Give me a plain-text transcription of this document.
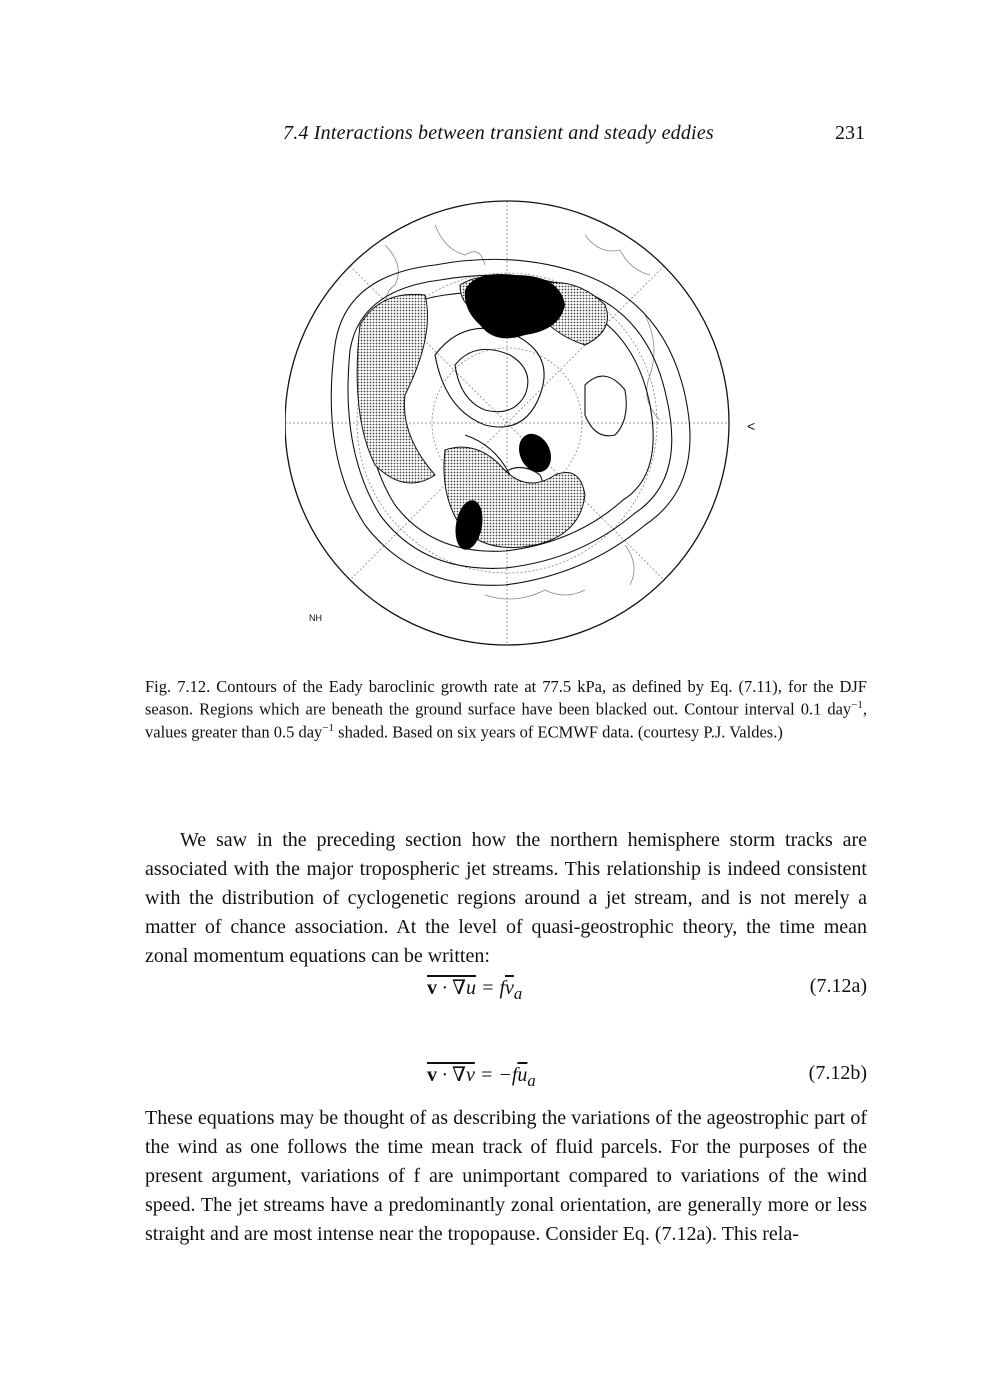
7.4 Interactions between transient and steady eddies	231
<
NH

Fig. 7.12. Contours of the Eady baroclinic growth rate at 77.5 kPa, as defined by Eq. (7.11), for the DJF season. Regions which are beneath the ground surface have been blacked out. Contour interval 0.1 day$^{-1}$, values greater than 0.5 day$^{-1}$ shaded. Based on six years of ECMWF data. (courtesy P.J. Valdes.)

We saw in the preceding section how the northern hemisphere storm tracks are associated with the major tropospheric jet streams. This relationship is indeed consistent with the distribution of cyclogenetic regions around a jet stream, and is not merely a matter of chance association. At the level of quasi-geostrophic theory, the time mean zonal momentum equations can be written:

$v \cdot \nabla u = f\overline{v}_a$	(7.12a)
$v \cdot \nabla v = -f\overline{u}_a$	(7.12b)

These equations may be thought of as describing the variations of the ageostrophic part of the wind as one follows the time mean track of fluid parcels. For the purposes of the present argument, variations of f are unimportant compared to variations of the wind speed. The jet streams have a predominantly zonal orientation, are generally more or less straight and are most intense near the tropopause. Consider Eq. (7.12a). This rela-
